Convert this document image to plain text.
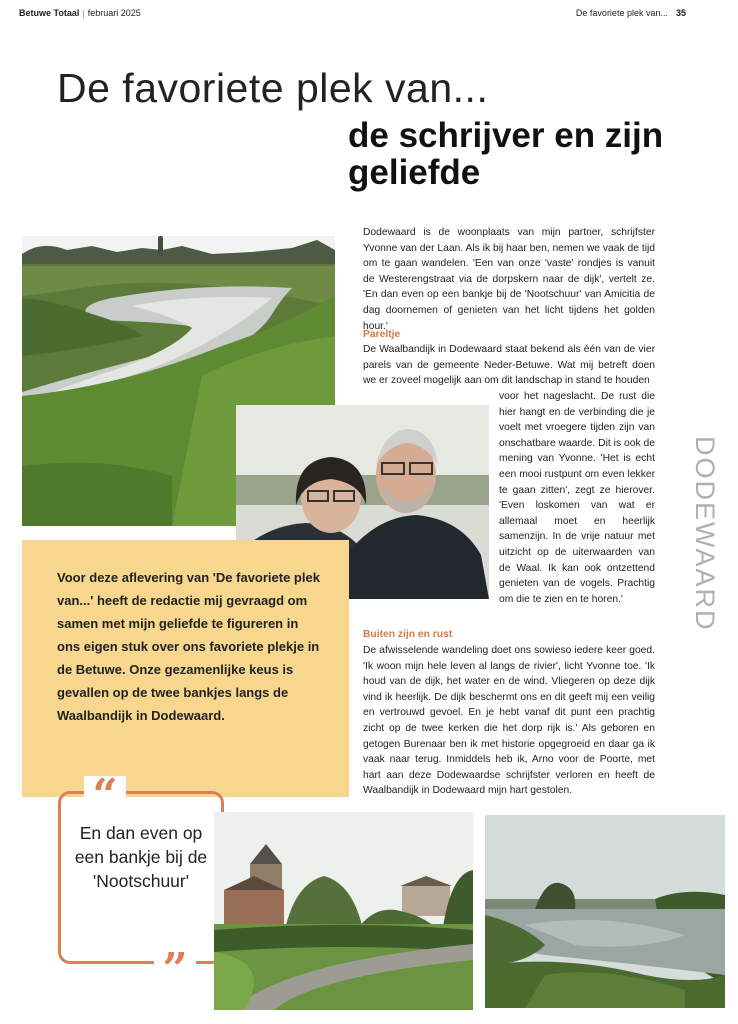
Betuwe Totaal | februari 2025	De favoriete plek van... 35
De favoriete plek van...
de schrijver en zijn geliefde

Dodewaard is de woonplaats van mijn partner, schrijfster Yvonne van der Laan. Als ik bij haar ben, nemen we vaak de tijd om te gaan wandelen. 'Een van onze 'vaste' rondjes is vanuit de Westerengstraat via de dorpskern naar de dijk', vertelt ze. 'En dan even op een bankje bij de 'Nootschuur' van Amicitia de dag doornemen of genieten van het licht tijdens het golden hour.'

Pareltje

De Waalbandijk in Dodewaard staat bekend als één van de vier parels van de gemeente Neder-Betuwe. Wat mij betreft doen we er zoveel mogelijk aan om dit landschap in stand te houden

voor het nageslacht. De rust die hier hangt en de verbinding die je voelt met vroegere tijden zijn van onschatbare waarde. Dit is ook de mening van Yvonne. 'Het is echt een mooi rustpunt om even lekker te gaan zitten', zegt ze hierover. 'Even loskomen van wat er allemaal moet en heerlijk samenzijn. In de vrije natuur met uitzicht op de uiterwaarden van de Waal. Ik kan ook ontzettend genieten van de vogels. Prachtig om die te zien en te horen.'

Buiten zijn en rust

De afwisselende wandeling doet ons sowieso iedere keer goed. 'Ik woon mijn hele leven al langs de rivier', licht Yvonne toe. 'Ik houd van de dijk, het water en de wind. Vliegeren op deze dijk vind ik heerlijk. De dijk beschermt ons en dit geeft mij een veilig en vertrouwd gevoel. En je hebt vanaf dit punt een prachtig zicht op de twee kerken die het dorp rijk is.' Als geboren en getogen Burenaar ben ik met historie opgegroeid en daar ga ik vaak naar terug. Inmiddels heb ik, Arno voor de Poorte, met hart aan deze Dodewaardse schrijfster verloren en heeft de Waalbandijk in Dodewaard mijn hart gestolen.

DODEWAARD

Voor deze aflevering van 'De favoriete plek van...' heeft de redactie mij gevraagd om samen met mijn geliefde te figureren in ons eigen stuk over ons favoriete plekje in de Betuwe. Onze gezamenlijke keus is gevallen op de twee bankjes langs de Waalbandijk in Dodewaard.

“
”

En dan even op een bankje bij de 'Nootschuur'
